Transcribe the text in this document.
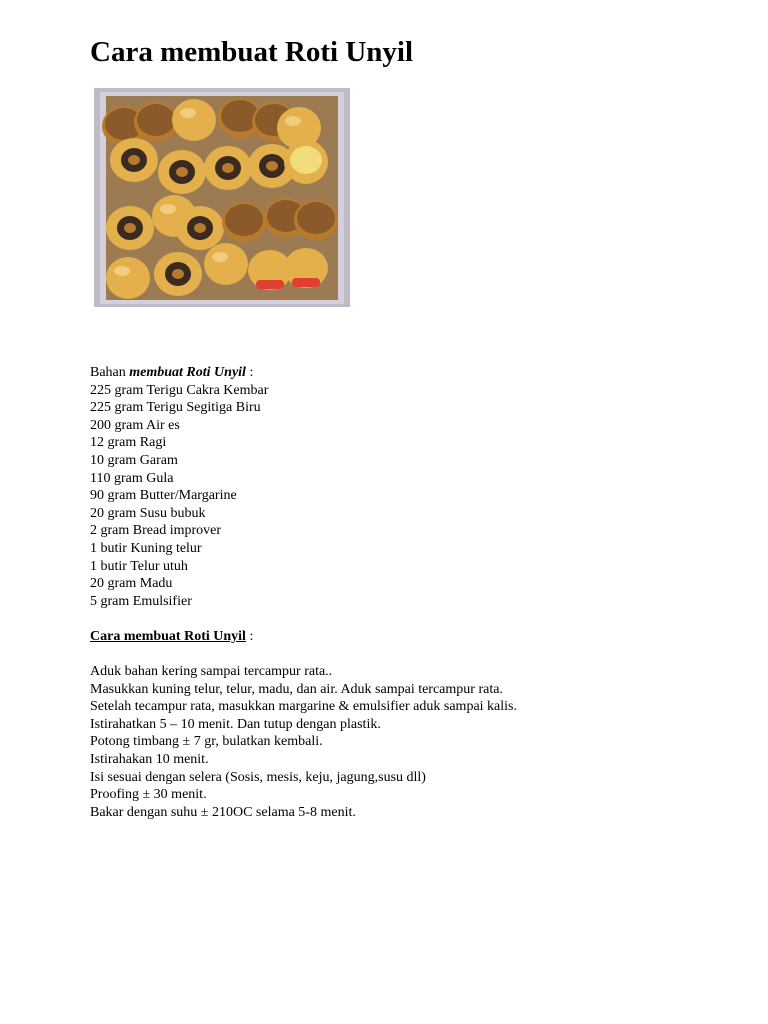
Cara membuat Roti Unyil
Bahan membuat Roti Unyil :
225 gram Terigu Cakra Kembar
225 gram Terigu Segitiga Biru
200 gram Air es
12 gram Ragi
10 gram Garam
110 gram Gula
90 gram Butter/Margarine
20 gram Susu bubuk
2 gram Bread improver
1 butir Kuning telur
1 butir Telur utuh
20 gram Madu
5 gram Emulsifier
Cara membuat Roti Unyil :
Aduk bahan kering sampai tercampur rata..
Masukkan kuning telur, telur, madu, dan air. Aduk sampai tercampur rata.
Setelah tecampur rata, masukkan margarine & emulsifier aduk sampai kalis.
Istirahatkan 5 – 10 menit. Dan tutup dengan plastik.
Potong timbang ± 7 gr, bulatkan kembali.
Istirahakan 10 menit.
Isi sesuai dengan selera (Sosis, mesis, keju, jagung,susu dll)
Proofing ± 30 menit.
Bakar dengan suhu ± 210OC selama 5-8 menit.
